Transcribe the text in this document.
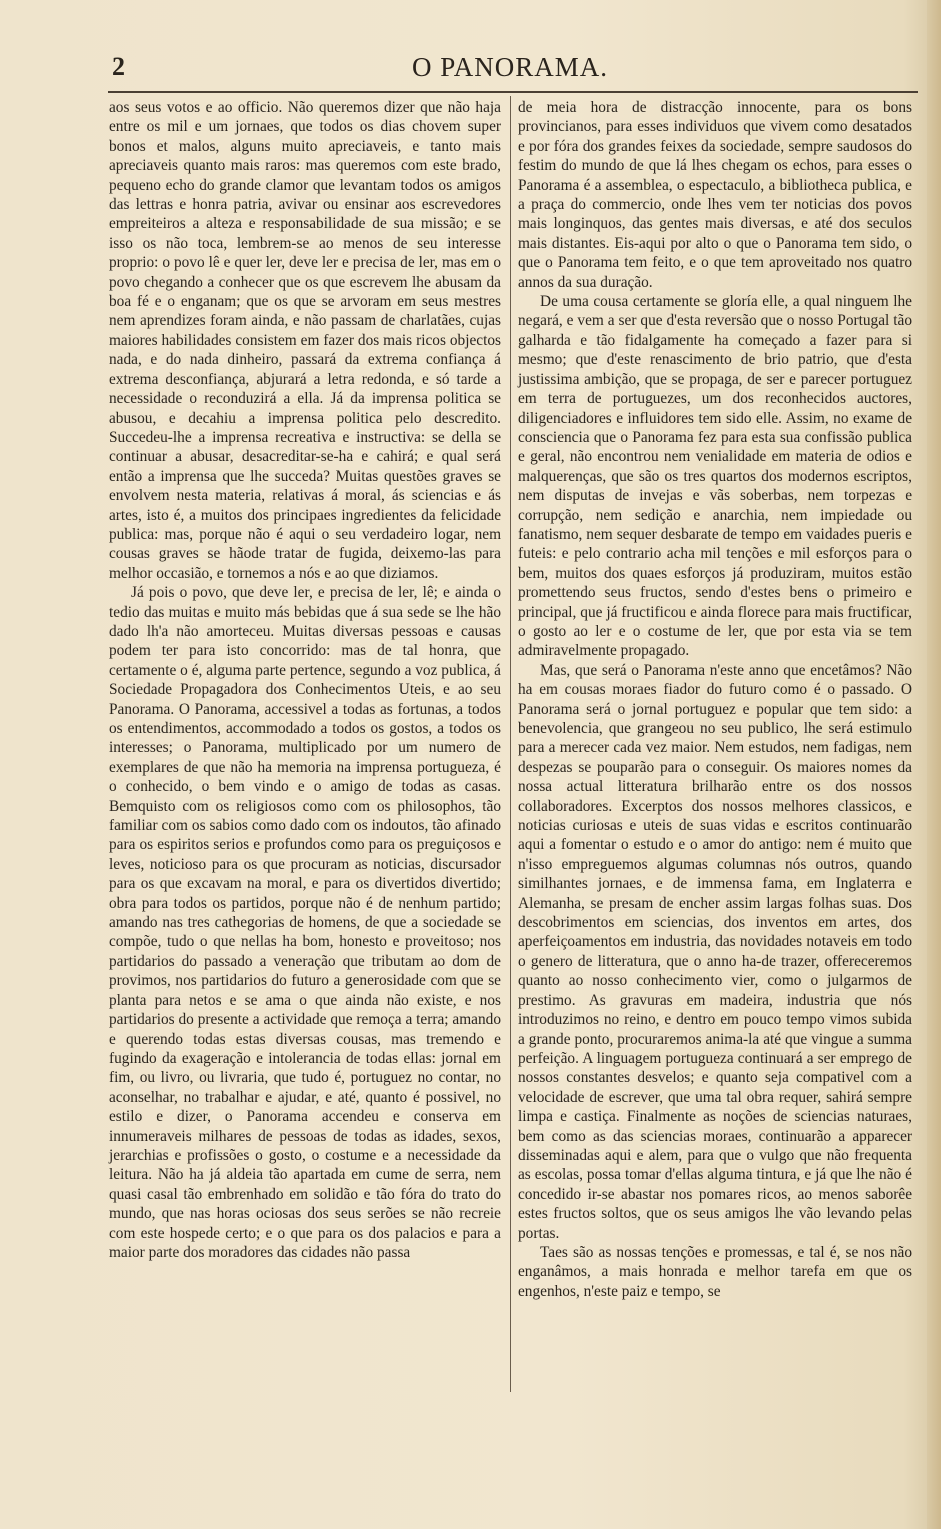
2	O PANORAMA.

aos seus votos e ao officio. Não queremos dizer que não haja entre os mil e um jornaes, que todos os dias chovem super bonos et malos, alguns muito apreciaveis, e tanto mais apreciaveis quanto mais raros: mas queremos com este brado, pequeno echo do grande clamor que levantam todos os amigos das lettras e honra patria, avivar ou ensinar aos escrevedores empreiteiros a alteza e responsabilidade de sua missão; e se isso os não toca, lembrem-se ao menos de seu interesse proprio: o povo lê e quer ler, deve ler e precisa de ler, mas em o povo chegando a conhecer que os que escrevem lhe abusam da boa fé e o enganam; que os que se arvoram em seus mestres nem aprendizes foram ainda, e não passam de charlatães, cujas maiores habilidades consistem em fazer dos mais ricos objectos nada, e do nada dinheiro, passará da extrema confiança á extrema desconfiança, abjurará a letra redonda, e só tarde a necessidade o reconduzirá a ella. Já da imprensa politica se abusou, e decahiu a imprensa politica pelo descredito. Succedeu-lhe a imprensa recreativa e instructiva: se della se continuar a abusar, desacreditar-se-ha e cahirá; e qual será então a imprensa que lhe succeda? Muitas questões graves se envolvem nesta materia, relativas á moral, ás sciencias e ás artes, isto é, a muitos dos principaes ingredientes da felicidade publica: mas, porque não é aqui o seu verdadeiro logar, nem cousas graves se hãode tratar de fugida, deixemo-las para melhor occasião, e tornemos a nós e ao que diziamos.

Já pois o povo, que deve ler, e precisa de ler, lê; e ainda o tedio das muitas e muito más bebidas que á sua sede se lhe hão dado lh'a não amorteceu. Muitas diversas pessoas e causas podem ter para isto concorrido: mas de tal honra, que certamente o é, alguma parte pertence, segundo a voz publica, á Sociedade Propagadora dos Conhecimentos Uteis, e ao seu Panorama. O Panorama, accessivel a todas as fortunas, a todos os entendimentos, accommodado a todos os gostos, a todos os interesses; o Panorama, multiplicado por um numero de exemplares de que não ha memoria na imprensa portugueza, é o conhecido, o bem vindo e o amigo de todas as casas. Bemquisto com os religiosos como com os philosophos, tão familiar com os sabios como dado com os indoutos, tão afinado para os espiritos serios e profundos como para os preguiçosos e leves, noticioso para os que procuram as noticias, discursador para os que excavam na moral, e para os divertidos divertido; obra para todos os partidos, porque não é de nenhum partido; amando nas tres cathegorias de homens, de que a sociedade se compõe, tudo o que nellas ha bom, honesto e proveitoso; nos partidarios do passado a veneração que tributam ao dom de provimos, nos partidarios do futuro a generosidade com que se planta para netos e se ama o que ainda não existe, e nos partidarios do presente a actividade que remoça a terra; amando e querendo todas estas diversas cousas, mas tremendo e fugindo da exageração e intolerancia de todas ellas: jornal em fim, ou livro, ou livraria, que tudo é, portuguez no contar, no aconselhar, no trabalhar e ajudar, e até, quanto é possivel, no estilo e dizer, o Panorama accendeu e conserva em innumeraveis milhares de pessoas de todas as idades, sexos, jerarchias e profissões o gosto, o costume e a necessidade da leitura. Não ha já aldeia tão apartada em cume de serra, nem quasi casal tão embrenhado em solidão e tão fóra do trato do mundo, que nas horas ociosas dos seus serões se não recreie com este hospede certo; e o que para os dos palacios e para a maior parte dos moradores das cidades não passa

de meia hora de distracção innocente, para os bons provincianos, para esses individuos que vivem como desatados e por fóra dos grandes feixes da sociedade, sempre saudosos do festim do mundo de que lá lhes chegam os echos, para esses o Panorama é a assemblea, o espectaculo, a bibliotheca publica, e a praça do commercio, onde lhes vem ter noticias dos povos mais longinquos, das gentes mais diversas, e até dos seculos mais distantes. Eis-aqui por alto o que o Panorama tem sido, o que o Panorama tem feito, e o que tem aproveitado nos quatro annos da sua duração.

De uma cousa certamente se gloría elle, a qual ninguem lhe negará, e vem a ser que d'esta reversão que o nosso Portugal tão galharda e tão fidalgamente ha começado a fazer para si mesmo; que d'este renascimento de brio patrio, que d'esta justissima ambição, que se propaga, de ser e parecer portuguez em terra de portuguezes, um dos reconhecidos auctores, diligenciadores e influidores tem sido elle. Assim, no exame de consciencia que o Panorama fez para esta sua confissão publica e geral, não encontrou nem venialidade em materia de odios e malquerenças, que são os tres quartos dos modernos escriptos, nem disputas de invejas e vãs soberbas, nem torpezas e corrupção, nem sedição e anarchia, nem impiedade ou fanatismo, nem sequer desbarate de tempo em vaidades pueris e futeis: e pelo contrario acha mil tenções e mil esforços para o bem, muitos dos quaes esforços já produziram, muitos estão promettendo seus fructos, sendo d'estes bens o primeiro e principal, que já fructificou e ainda florece para mais fructificar, o gosto ao ler e o costume de ler, que por esta via se tem admiravelmente propagado.

Mas, que será o Panorama n'este anno que encetâmos? Não ha em cousas moraes fiador do futuro como é o passado. O Panorama será o jornal portuguez e popular que tem sido: a benevolencia, que grangeou no seu publico, lhe será estimulo para a merecer cada vez maior. Nem estudos, nem fadigas, nem despezas se pouparão para o conseguir. Os maiores nomes da nossa actual litteratura brilharão entre os dos nossos collaboradores. Excerptos dos nossos melhores classicos, e noticias curiosas e uteis de suas vidas e escritos continuarão aqui a fomentar o estudo e o amor do antigo: nem é muito que n'isso empreguemos algumas columnas nós outros, quando similhantes jornaes, e de immensa fama, em Inglaterra e Alemanha, se presam de encher assim largas folhas suas. Dos descobrimentos em sciencias, dos inventos em artes, dos aperfeiçoamentos em industria, das novidades notaveis em todo o genero de litteratura, que o anno ha-de trazer, offereceremos quanto ao nosso conhecimento vier, como o julgarmos de prestimo. As gravuras em madeira, industria que nós introduzimos no reino, e dentro em pouco tempo vimos subida a grande ponto, procuraremos anima-la até que vingue a summa perfeição. A linguagem portugueza continuará a ser emprego de nossos constantes desvelos; e quanto seja compativel com a velocidade de escrever, que uma tal obra requer, sahirá sempre limpa e castiça. Finalmente as noções de sciencias naturaes, bem como as das sciencias moraes, continuarão a apparecer disseminadas aqui e alem, para que o vulgo que não frequenta as escolas, possa tomar d'ellas alguma tintura, e já que lhe não é concedido ir-se abastar nos pomares ricos, ao menos saborêe estes fructos soltos, que os seus amigos lhe vão levando pelas portas.

Taes são as nossas tenções e promessas, e tal é, se nos não enganâmos, a mais honrada e melhor tarefa em que os engenhos, n'este paiz e tempo, se
